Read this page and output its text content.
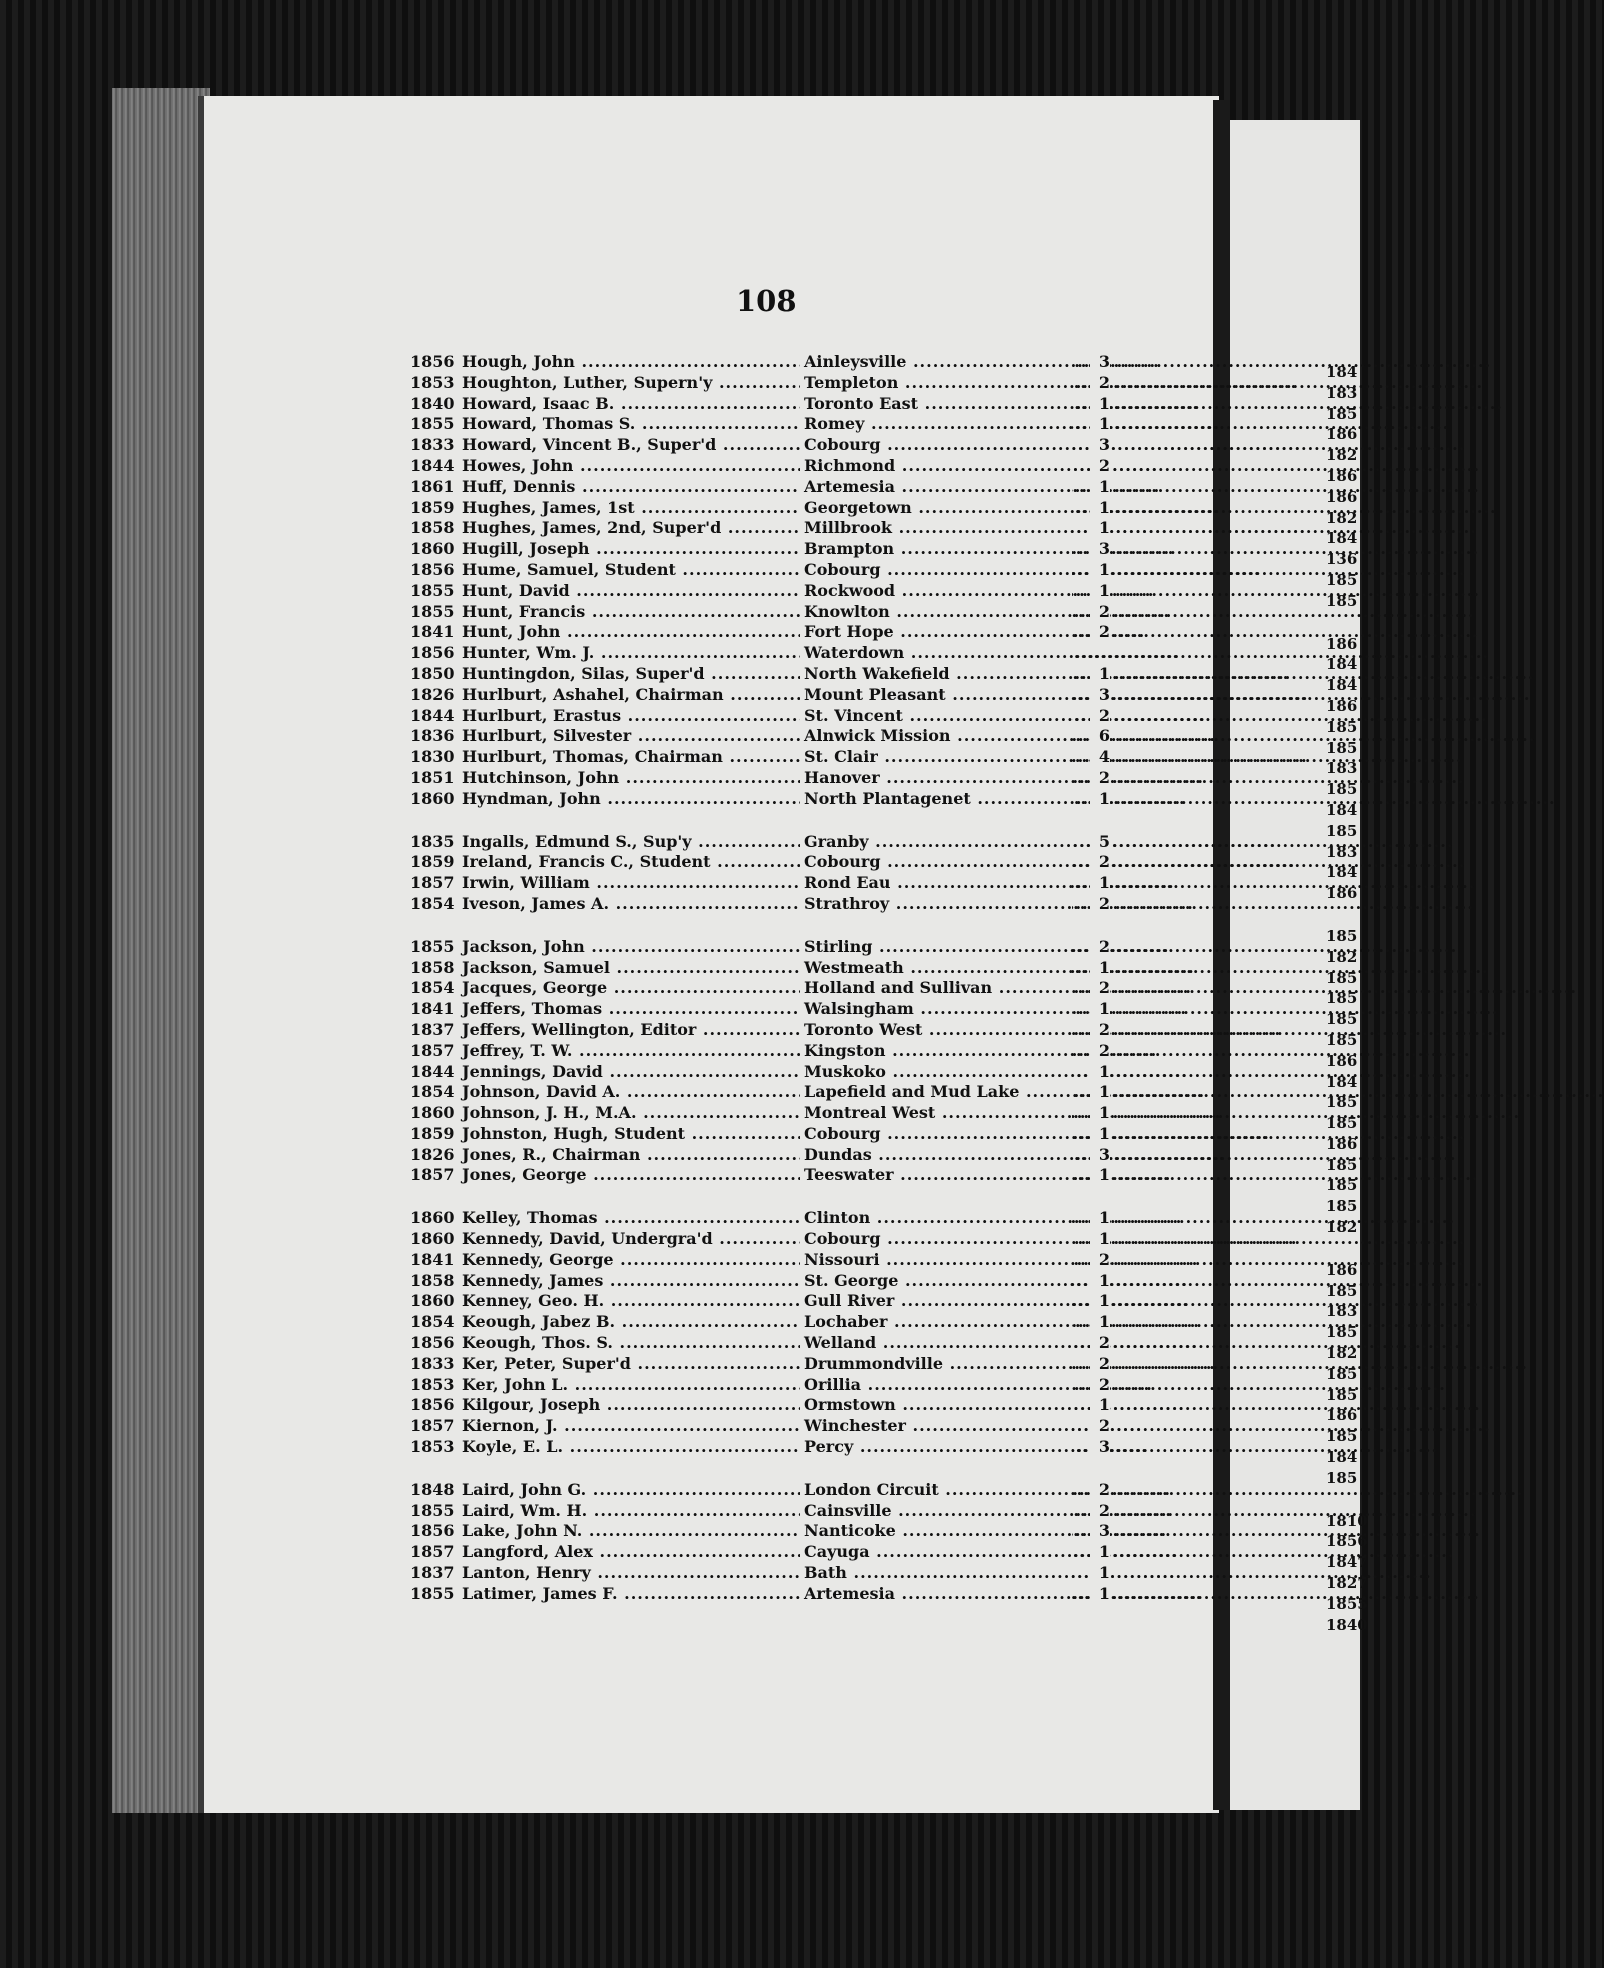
108
1856 Hough, John .....	Ainleysville .....	3
1853 Houghton, Luther, Supern'y .....	Templeton .....	2
1840 Howard, Isaac B. .....	Toronto East .....	1
1855 Howard, Thomas S. .....	Romey .....	1
1833 Howard, Vincent B., Super'd .....	Cobourg .....	3
1844 Howes, John .....	Richmond .....	2
1861 Huff, Dennis .....	Artemesia .....	1
1859 Hughes, James, 1st .....	Georgetown .....	1
1858 Hughes, James, 2nd, Super'd .....	Millbrook .....	1
1860 Hugill, Joseph .....	Brampton .....	3
1856 Hume, Samuel, Student .....	Cobourg .....	1
1855 Hunt, David .....	Rockwood .....	1
1855 Hunt, Francis .....	Knowlton .....	2
1841 Hunt, John .....	Fort Hope .....	2
1856 Hunter, Wm. J. .....	Waterdown .....
1850 Huntingdon, Silas, Super'd .....	North Wakefield .....	1
1826 Hurlburt, Ashahel, Chairman .....	Mount Pleasant .....	3
1844 Hurlburt, Erastus .....	St. Vincent .....	2
1836 Hurlburt, Silvester .....	Alnwick Mission .....	6
1830 Hurlburt, Thomas, Chairman .....	St. Clair .....	4
1851 Hutchinson, John .....	Hanover .....	2
1860 Hyndman, John .....	North Plantagenet .....	1
1835 Ingalls, Edmund S., Sup'y .....	Granby .....	5
1859 Ireland, Francis C., Student .....	Cobourg .....	2
1857 Irwin, William .....	Rond Eau .....	1
1854 Iveson, James A. .....	Strathroy .....	2
1855 Jackson, John .....	Stirling .....	2
1858 Jackson, Samuel .....	Westmeath .....	1
1854 Jacques, George .....	Holland and Sullivan .....	2
1841 Jeffers, Thomas .....	Walsingham .....	1
1837 Jeffers, Wellington, Editor .....	Toronto West .....	2
1857 Jeffrey, T. W. .....	Kingston .....	2
1844 Jennings, David .....	Muskoko .....	1
1854 Johnson, David A. .....	Lapefield and Mud Lake .....	1
1860 Johnson, J. H., M.A. .....	Montreal West .....	1
1859 Johnston, Hugh, Student .....	Cobourg .....	1
1826 Jones, R., Chairman .....	Dundas .....	3
1857 Jones, George .....	Teeswater .....	1
1860 Kelley, Thomas .....	Clinton .....	1
1860 Kennedy, David, Undergra'd .....	Cobourg .....	1
1841 Kennedy, George .....	Nissouri .....	2
1858 Kennedy, James .....	St. George .....	1
1860 Kenney, Geo. H. .....	Gull River .....	1
1854 Keough, Jabez B. .....	Lochaber .....	1
1856 Keough, Thos. S. .....	Welland .....	2
1833 Ker, Peter, Super'd .....	Drummondville .....	2
1853 Ker, John L. .....	Orillia .....	2
1856 Kilgour, Joseph .....	Ormstown .....	1
1857 Kiernon, J. .....	Winchester .....	2
1853 Koyle, E. L. .....	Percy .....	3
1848 Laird, John G. .....	London Circuit .....	2
1855 Laird, Wm. H. .....	Cainsville .....	2
1856 Lake, John N. .....	Nanticoke .....	3
1857 Langford, Alex .....	Cayuga .....	1
1837 Lanton, Henry .....	Bath .....	1
1855 Latimer, James F. .....	Artemesia .....	1
184
183
185
186
182
186
186
182
184
136
185
185
186
184
184
186
185
185
183
185
184
185
183
184
186
185
182
185
185
185
185
186
184
185
185
186
185
185
185
182
186
185
183
185
182
185
185
186
185
184
185
1810
1856
1847
1827
1855
1840
